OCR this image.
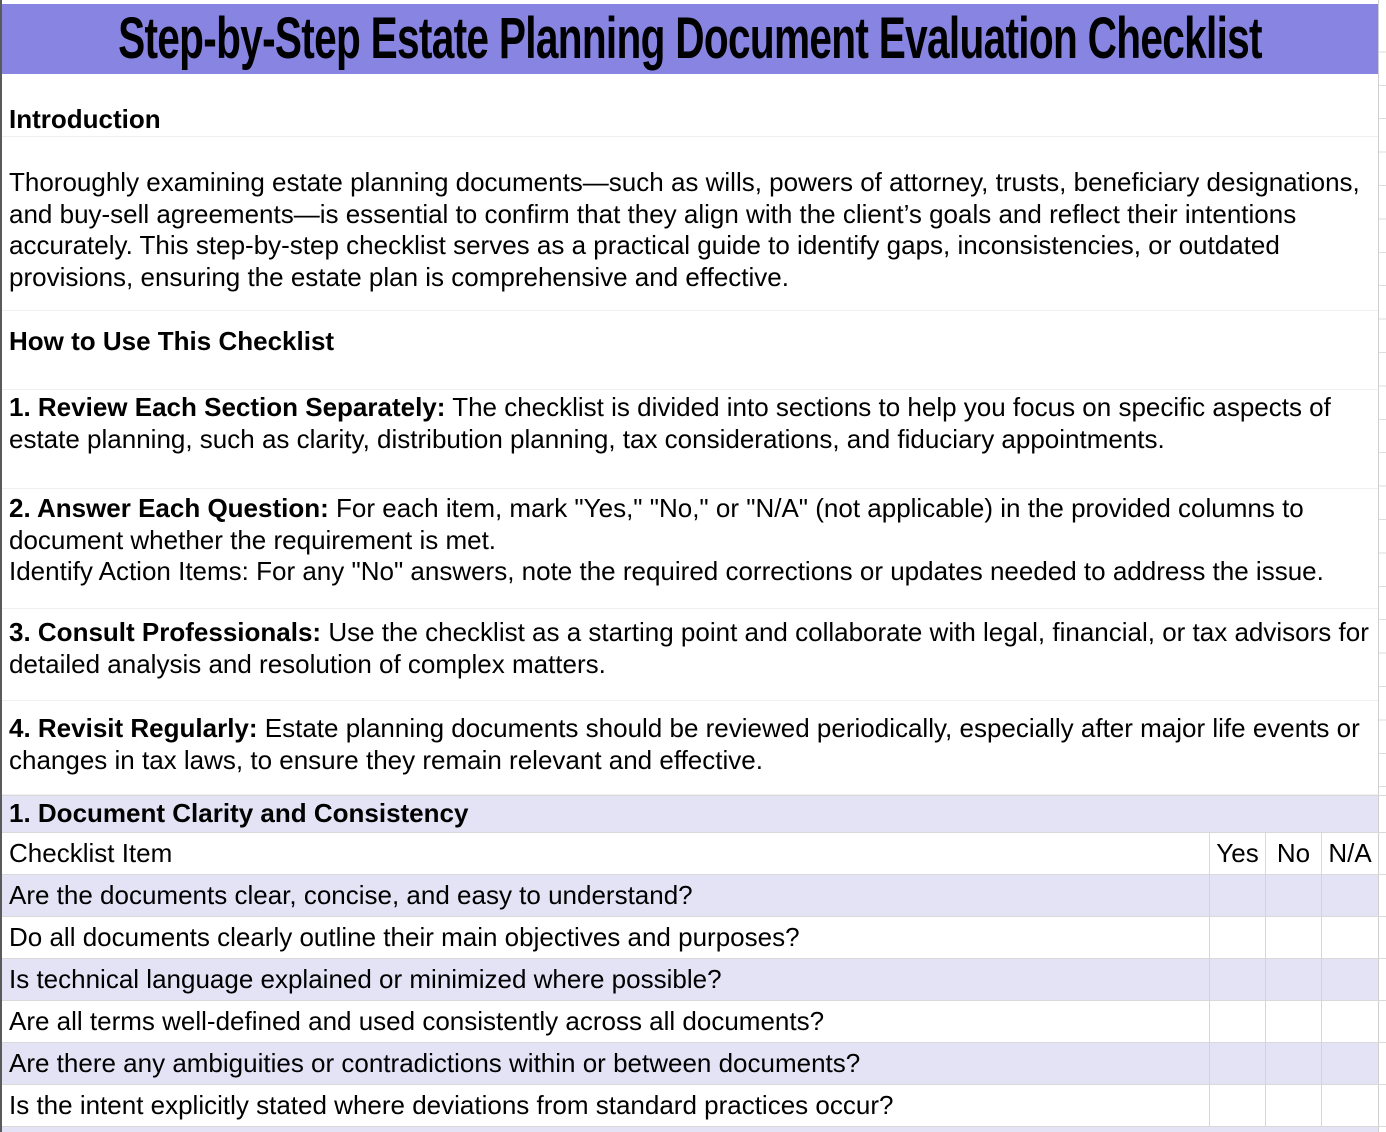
Step-by-Step Estate Planning Document Evaluation Checklist
Introduction
Thoroughly examining estate planning documents—such as wills, powers of attorney, trusts, beneficiary designations, and buy-sell agreements—is essential to confirm that they align with the client’s goals and reflect their intentions accurately. This step-by-step checklist serves as a practical guide to identify gaps, inconsistencies, or outdated provisions, ensuring the estate plan is comprehensive and effective.
How to Use This Checklist
1. Review Each Section Separately: The checklist is divided into sections to help you focus on specific aspects of estate planning, such as clarity, distribution planning, tax considerations, and fiduciary appointments.
2. Answer Each Question: For each item, mark "Yes," "No," or "N/A" (not applicable) in the provided columns to document whether the requirement is met.
Identify Action Items: For any "No" answers, note the required corrections or updates needed to address the issue.
3. Consult Professionals: Use the checklist as a starting point and collaborate with legal, financial, or tax advisors for detailed analysis and resolution of complex matters.
4. Revisit Regularly: Estate planning documents should be reviewed periodically, especially after major life events or changes in tax laws, to ensure they remain relevant and effective.
1. Document Clarity and Consistency
Checklist Item	Yes No N/A
Are the documents clear, concise, and easy to understand?
Do all documents clearly outline their main objectives and purposes?
Is technical language explained or minimized where possible?
Are all terms well-defined and used consistently across all documents?
Are there any ambiguities or contradictions within or between documents?
Is the intent explicitly stated where deviations from standard practices occur?
